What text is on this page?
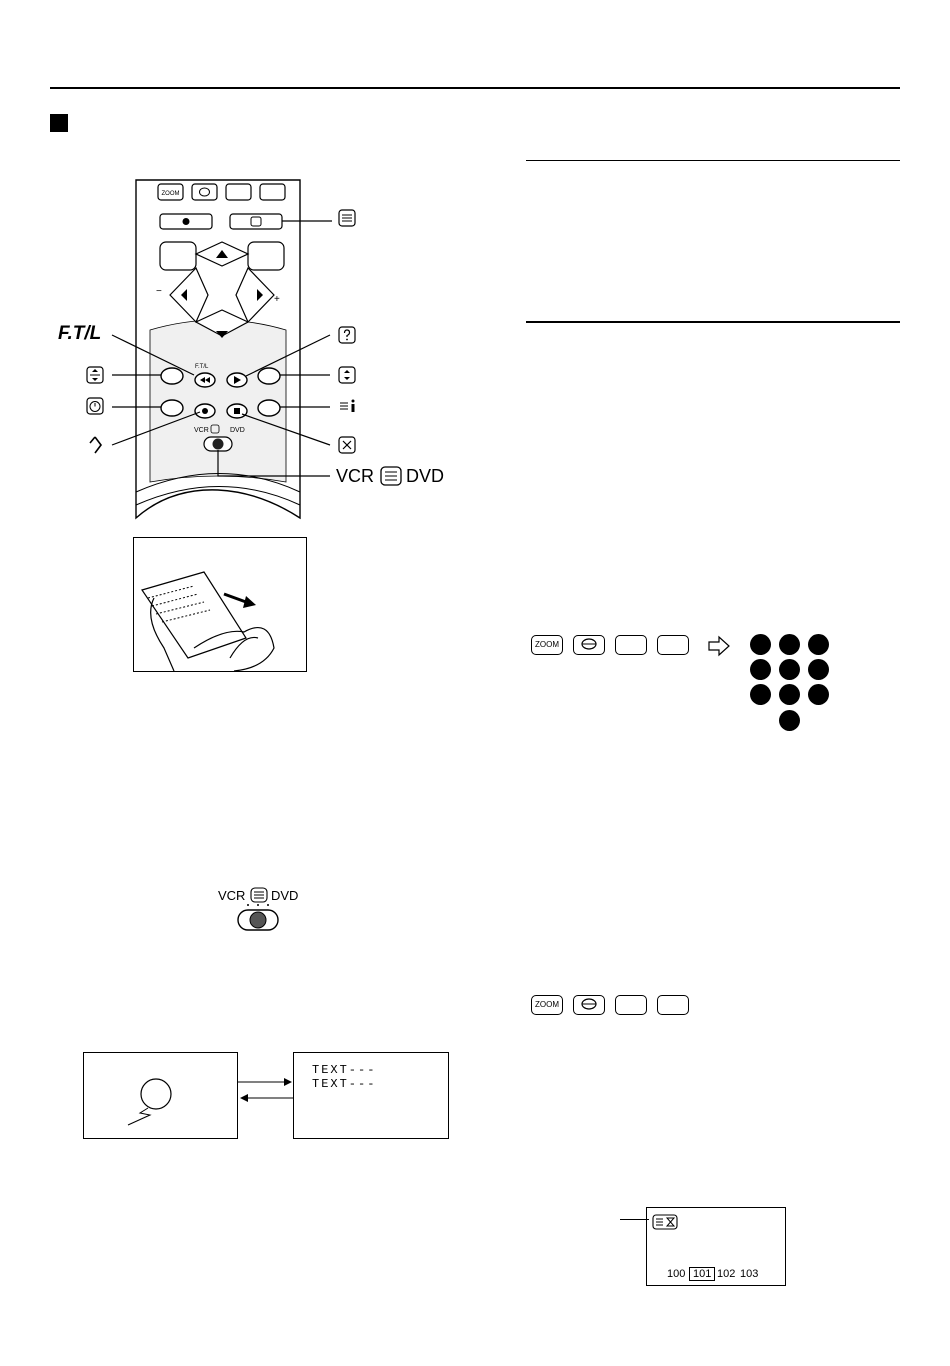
ZOOM
−
+
F.T/L
VCR	DVD
F.T/L
VCR DVD
VCR DVD
TEXT---
TEXT---
ZOOM
ZOOM
100 101 102 103
